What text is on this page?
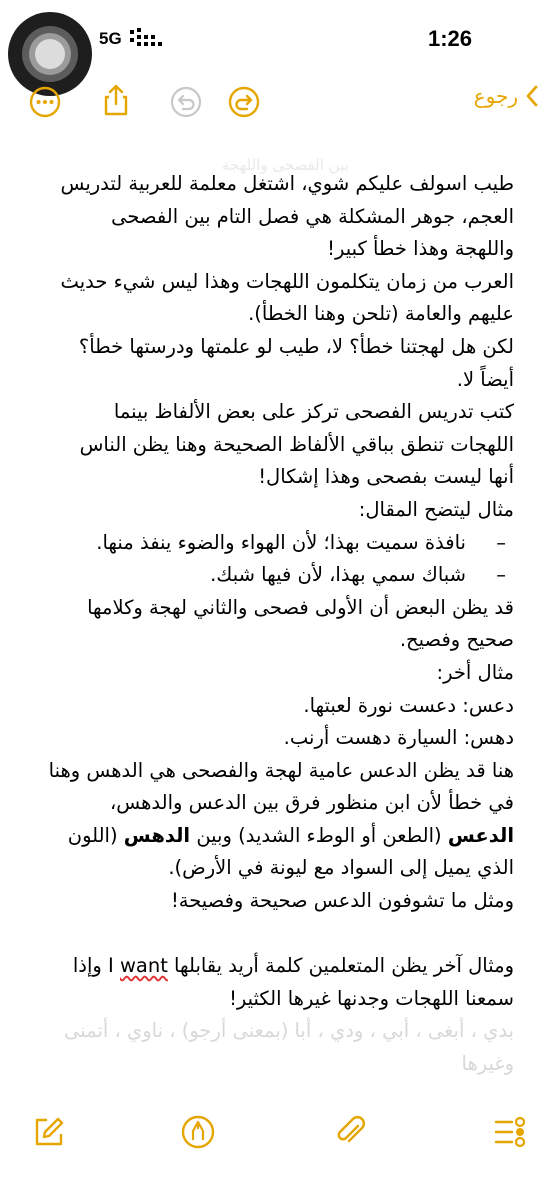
5G	1:26
بين الفصحى واللهجة
رجوع

طيب اسولف عليكم شوي، اشتغل معلمة للعربية لتدريس العجم، جوهر المشكلة هي فصل التام بين الفصحى واللهجة وهذا خطأ كبير!

العرب من زمان يتكلمون اللهجات وهذا ليس شيء حديث عليهم والعامة (تلحن وهنا الخطأ).

لكن هل لهجتنا خطأ؟ لا، طيب لو علمتها ودرستها خطأ؟ أيضاً لا.

كتب تدريس الفصحى تركز على بعض الألفاظ بينما اللهجات تنطق بباقي الألفاظ الصحيحة وهنا يظن الناس أنها ليست بفصحى وهذا إشكال!

مثال ليتضح المقال:

–
نافذة سميت بهذا؛ لأن الهواء والضوء ينفذ منها.
–
شباك سمي بهذا، لأن فيها شبك.

قد يظن البعض أن الأولى فصحى والثاني لهجة وكلامها صحيح وفصيح.

مثال أخر:

دعس: دعست نورة لعبتها.

دهس: السيارة دهست أرنب.

هنا قد يظن الدعس عامية لهجة والفصحى هي الدهس وهنا في خطأ لأن ابن منظور فرق بين الدعس والدهس، الدعس (الطعن أو الوطء الشديد) وبين الدهس (اللون الذي يميل إلى السواد مع ليونة في الأرض).

ومثل ما تشوفون الدعس صحيحة وفصيحة!

ومثال آخر يظن المتعلمين كلمة أريد يقابلها I want وإذا سمعنا اللهجات وجدنها غيرها الكثير!

بدي ، أبغى ، أبي ، ودي ، أبا (بمعنى أرجو) ، ناوي ، أتمنى وغيرها
